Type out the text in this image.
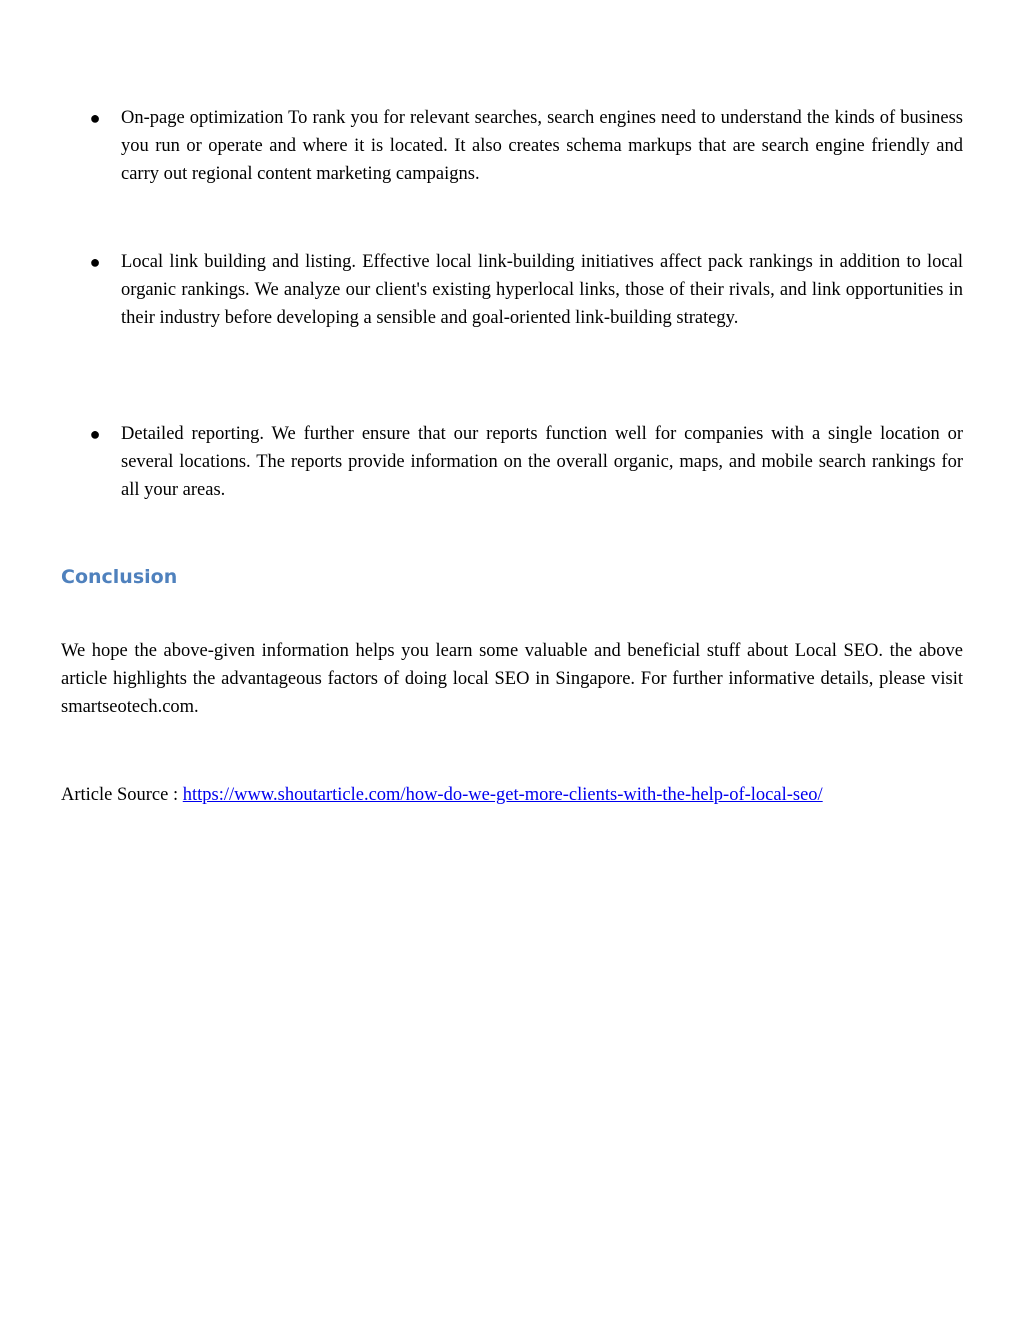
● On-page optimization To rank you for relevant searches, search engines need to understand the kinds of business you run or operate and where it is located. It also creates schema markups that are search engine friendly and carry out regional content marketing campaigns.

● Local link building and listing. Effective local link-building initiatives affect pack rankings in addition to local organic rankings. We analyze our client's existing hyperlocal links, those of their rivals, and link opportunities in their industry before developing a sensible and goal-oriented link-building strategy.

● Detailed reporting. We further ensure that our reports function well for companies with a single location or several locations. The reports provide information on the overall organic, maps, and mobile search rankings for all your areas.

Conclusion

We hope the above-given information helps you learn some valuable and beneficial stuff about Local SEO. the above article highlights the advantageous factors of doing local SEO in Singapore. For further informative details, please visit smartseotech.com.

Article Source : https://www.shoutarticle.com/how-do-we-get-more-clients-with-the-help-of-local-seo/
